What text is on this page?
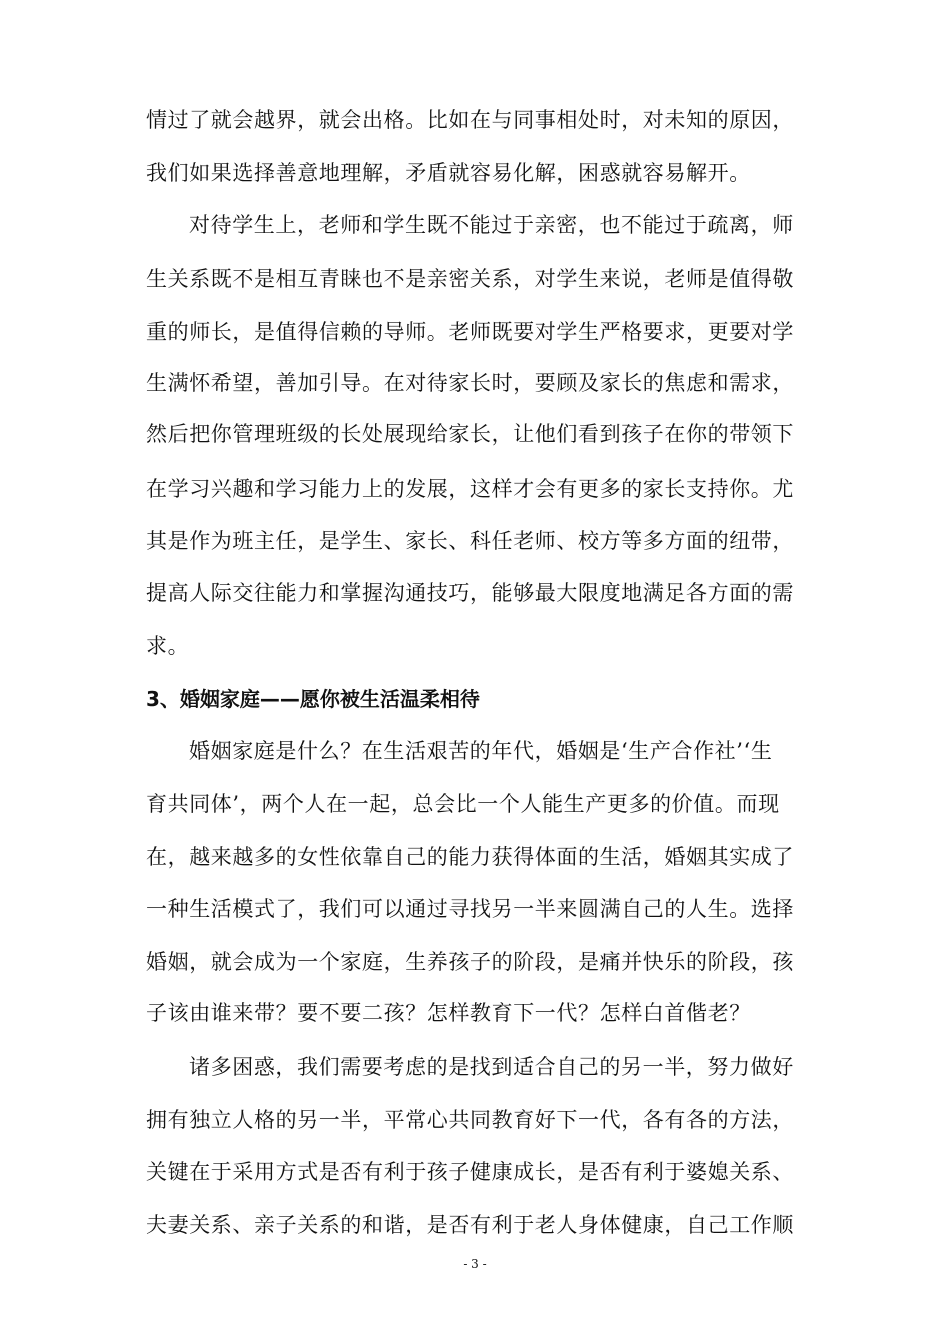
情过了就会越界，就会出格。比如在与同事相处时，对未知的原因，
我们如果选择善意地理解，矛盾就容易化解，困惑就容易解开。
对待学生上，老师和学生既不能过于亲密，也不能过于疏离，师
生关系既不是相互青睐也不是亲密关系，对学生来说，老师是值得敬
重的师长，是值得信赖的导师。老师既要对学生严格要求，更要对学
生满怀希望，善加引导。在对待家长时，要顾及家长的焦虑和需求，
然后把你管理班级的长处展现给家长，让他们看到孩子在你的带领下
在学习兴趣和学习能力上的发展，这样才会有更多的家长支持你。尤
其是作为班主任，是学生、家长、科任老师、校方等多方面的纽带，
提高人际交往能力和掌握沟通技巧，能够最大限度地满足各方面的需
求。
3、婚姻家庭——愿你被生活温柔相待
婚姻家庭是什么？在生活艰苦的年代，婚姻是‘生产合作社’‘生
育共同体’，两个人在一起，总会比一个人能生产更多的价值。而现
在，越来越多的女性依靠自己的能力获得体面的生活，婚姻其实成了
一种生活模式了，我们可以通过寻找另一半来圆满自己的人生。选择
婚姻，就会成为一个家庭，生养孩子的阶段，是痛并快乐的阶段，孩
子该由谁来带？要不要二孩？怎样教育下一代？怎样白首偕老？
诸多困惑，我们需要考虑的是找到适合自己的另一半，努力做好
拥有独立人格的另一半，平常心共同教育好下一代，各有各的方法，
关键在于采用方式是否有利于孩子健康成长，是否有利于婆媳关系、
夫妻关系、亲子关系的和谐，是否有利于老人身体健康，自己工作顺
- 3 -
